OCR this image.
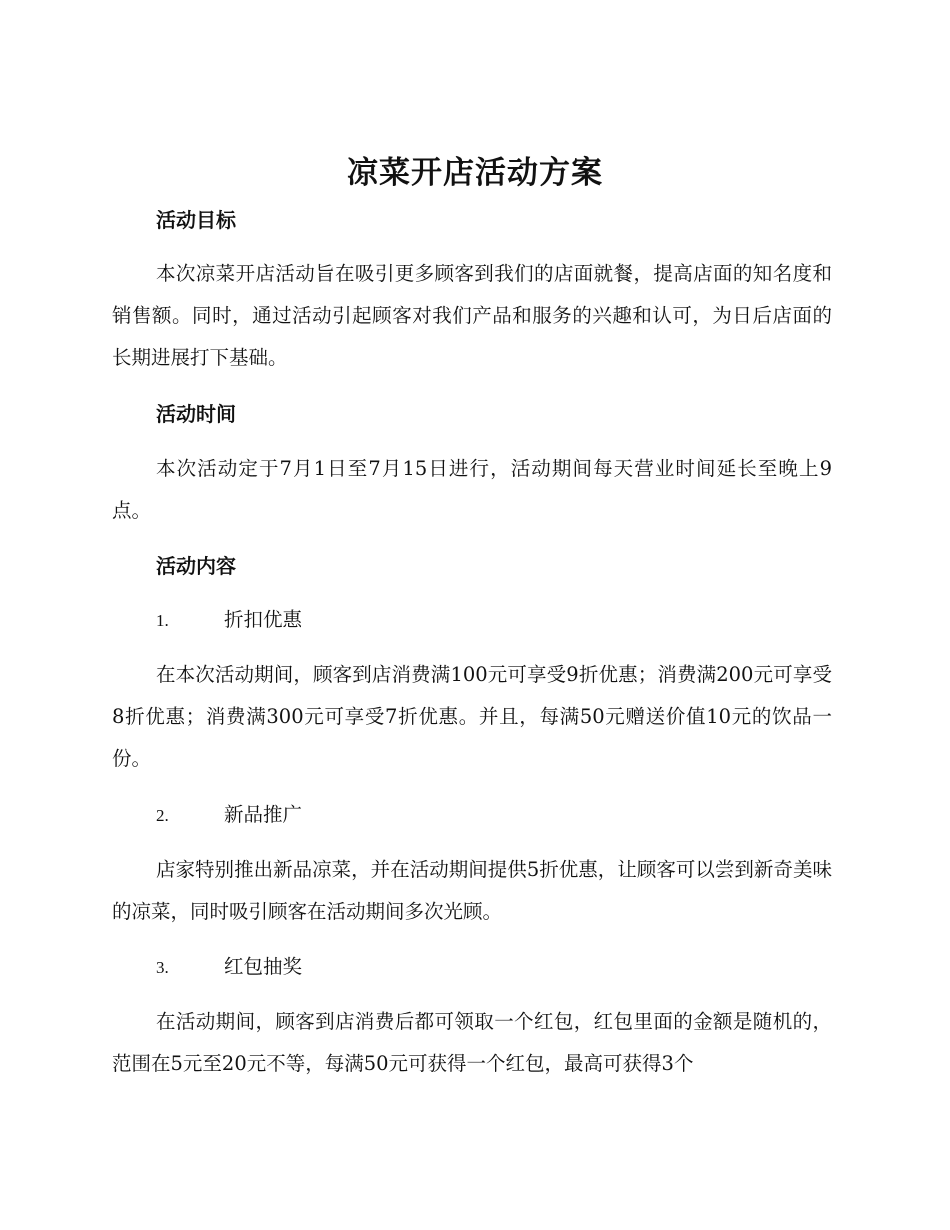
凉菜开店活动方案
活动目标

本次凉菜开店活动旨在吸引更多顾客到我们的店面就餐，提高店面的知名度和销售额。同时，通过活动引起顾客对我们产品和服务的兴趣和认可，为日后店面的长期进展打下基础。

活动时间

本次活动定于7月1日至7月15日进行，活动期间每天营业时间延长至晚上9点。

活动内容
1.	折扣优惠

在本次活动期间，顾客到店消费满100元可享受9折优惠；消费满200元可享受8折优惠；消费满300元可享受7折优惠。并且，每满50元赠送价值10元的饮品一份。

2.	新品推广

店家特别推出新品凉菜，并在活动期间提供5折优惠，让顾客可以尝到新奇美味的凉菜，同时吸引顾客在活动期间多次光顾。

3.	红包抽奖

在活动期间，顾客到店消费后都可领取一个红包，红包里面的金额是随机的，范围在5元至20元不等，每满50元可获得一个红包，最高可获得3个
